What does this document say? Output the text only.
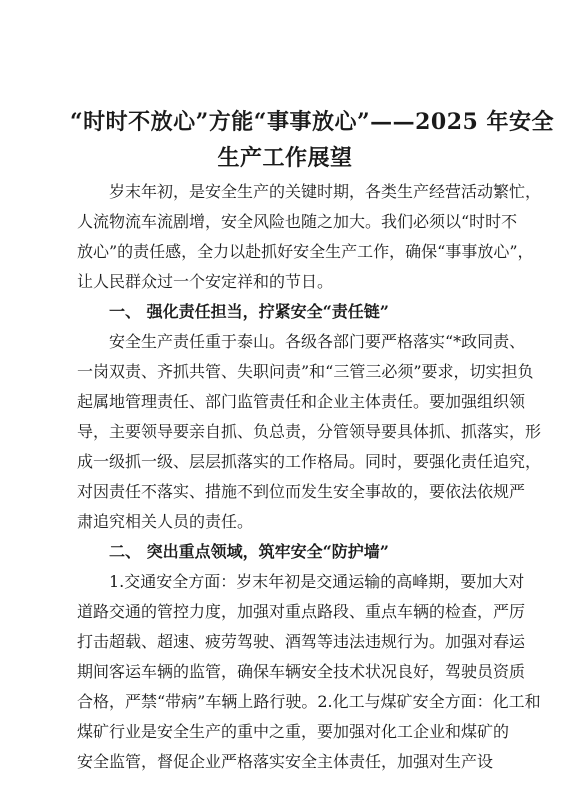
“时时不放心”方能“事事放心”——2025 年安全
生产工作展望
岁末年初，是安全生产的关键时期，各类生产经营活动繁忙，
人流物流车流剧增，安全风险也随之加大。我们必须以“时时不
放心”的责任感，全力以赴抓好安全生产工作，确保“事事放心”，
让人民群众过一个安定祥和的节日。
一、 强化责任担当，拧紧安全“责任链”
安全生产责任重于泰山。各级各部门要严格落实“*政同责、
一岗双责、齐抓共管、失职问责”和“三管三必须”要求，切实担负
起属地管理责任、部门监管责任和企业主体责任。要加强组织领
导，主要领导要亲自抓、负总责，分管领导要具体抓、抓落实，形
成一级抓一级、层层抓落实的工作格局。同时，要强化责任追究，
对因责任不落实、措施不到位而发生安全事故的，要依法依规严
肃追究相关人员的责任。
二、 突出重点领域，筑牢安全“防护墙”
1.交通安全方面：岁末年初是交通运输的高峰期，要加大对
道路交通的管控力度，加强对重点路段、重点车辆的检查，严厉
打击超载、超速、疲劳驾驶、酒驾等违法违规行为。加强对春运
期间客运车辆的监管，确保车辆安全技术状况良好，驾驶员资质
合格，严禁“带病”车辆上路行驶。2.化工与煤矿安全方面：化工和
煤矿行业是安全生产的重中之重，要加强对化工企业和煤矿的
安全监管，督促企业严格落实安全主体责任，加强对生产设
